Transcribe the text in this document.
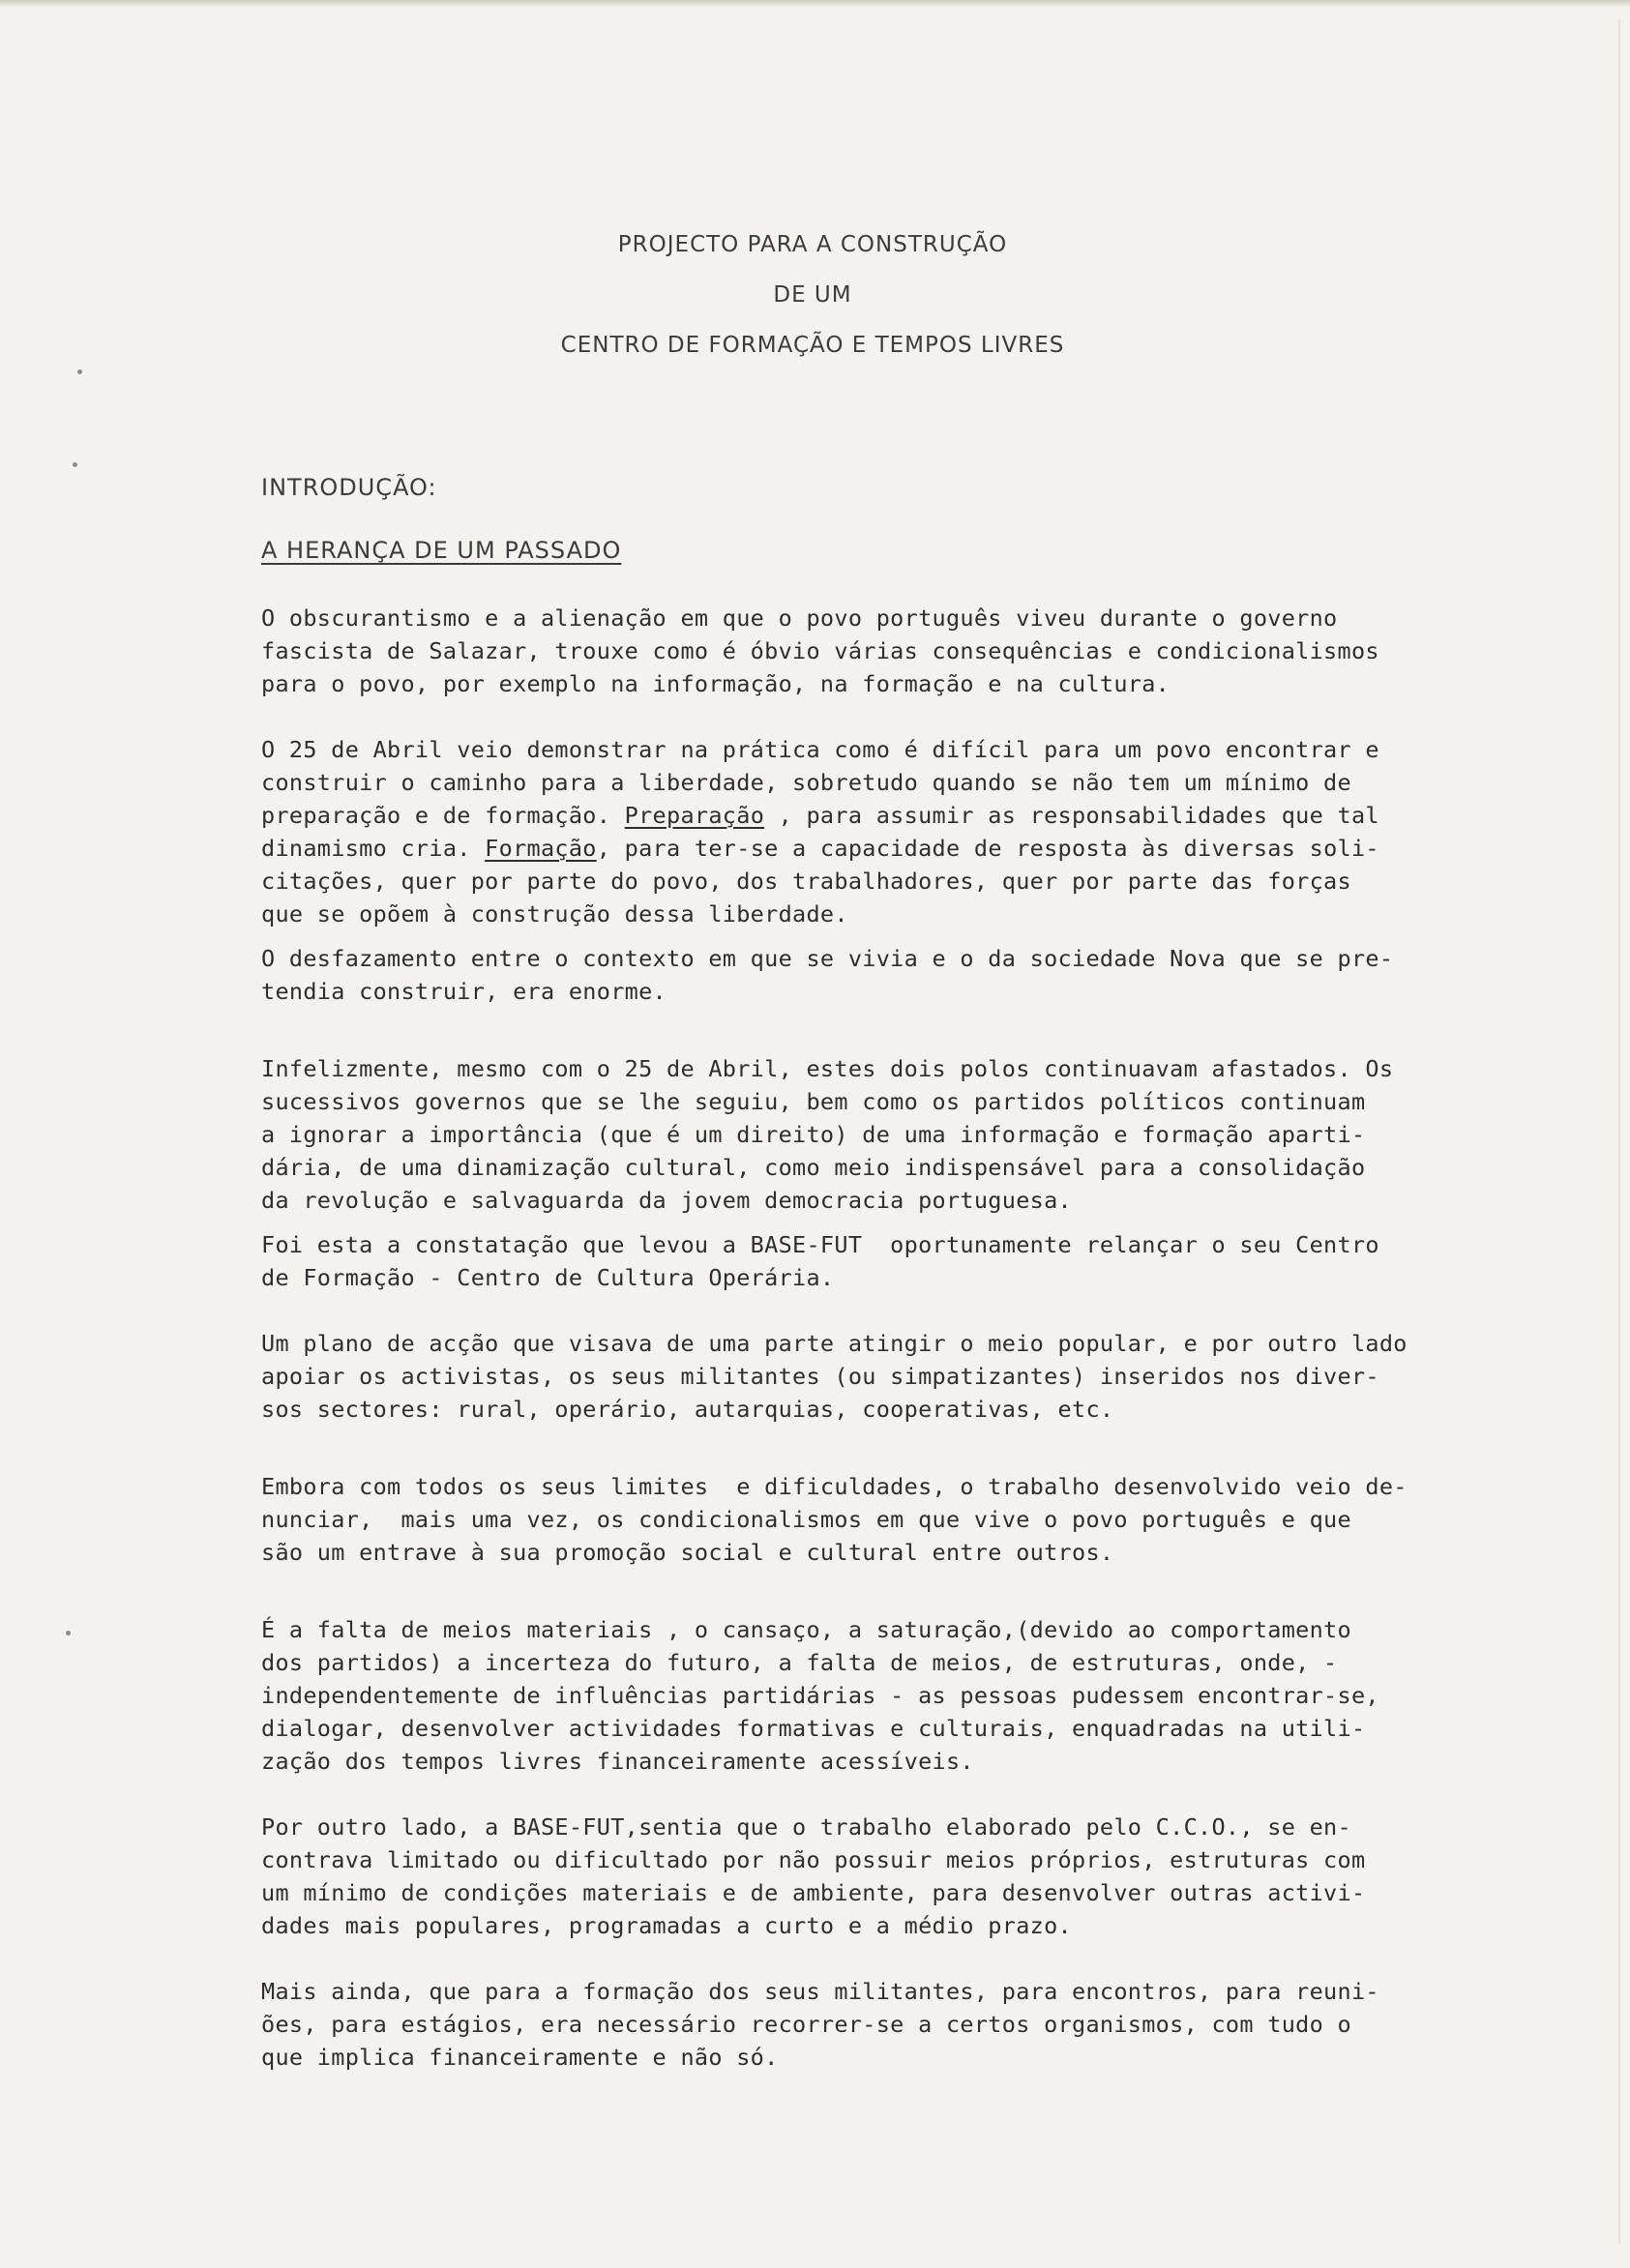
PROJECTO PARA A CONSTRUÇÃO
DE UM
CENTRO DE FORMAÇÃO E TEMPOS LIVRES
INTRODUÇÃO:
A HERANÇA DE UM PASSADO

O obscurantismo e a alienação em que o povo português viveu durante o governo

fascista de Salazar, trouxe como é óbvio várias consequências e condicionalismos

para o povo, por exemplo na informação, na formação e na cultura.

O 25 de Abril veio demonstrar na prática como é difícil para um povo encontrar e

construir o caminho para a liberdade, sobretudo quando se não tem um mínimo de

preparação e de formação. Preparação , para assumir as responsabilidades que tal

dinamismo cria. Formação, para ter-se a capacidade de resposta às diversas soli-

citações, quer por parte do povo, dos trabalhadores, quer por parte das forças

que se opõem à construção dessa liberdade.

O desfazamento entre o contexto em que se vivia e o da sociedade Nova que se pre-

tendia construir, era enorme.

Infelizmente, mesmo com o 25 de Abril, estes dois polos continuavam afastados. Os

sucessivos governos que se lhe seguiu, bem como os partidos políticos continuam

a ignorar a importância (que é um direito) de uma informação e formação aparti-

dária, de uma dinamização cultural, como meio indispensável para a consolidação

da revolução e salvaguarda da jovem democracia portuguesa.

Foi esta a constatação que levou a BASE-FUT  oportunamente relançar o seu Centro

de Formação - Centro de Cultura Operária.

Um plano de acção que visava de uma parte atingir o meio popular, e por outro lado

apoiar os activistas, os seus militantes (ou simpatizantes) inseridos nos diver-

sos sectores: rural, operário, autarquias, cooperativas, etc.

Embora com todos os seus limites  e dificuldades, o trabalho desenvolvido veio de-

nunciar,  mais uma vez, os condicionalismos em que vive o povo português e que

são um entrave à sua promoção social e cultural entre outros.

É a falta de meios materiais , o cansaço, a saturação,(devido ao comportamento

dos partidos) a incerteza do futuro, a falta de meios, de estruturas, onde, -

independentemente de influências partidárias - as pessoas pudessem encontrar-se,

dialogar, desenvolver actividades formativas e culturais, enquadradas na utili-

zação dos tempos livres financeiramente acessíveis.

Por outro lado, a BASE-FUT,sentia que o trabalho elaborado pelo C.C.O., se en-

contrava limitado ou dificultado por não possuir meios próprios, estruturas com

um mínimo de condições materiais e de ambiente, para desenvolver outras activi-

dades mais populares, programadas a curto e a médio prazo.

Mais ainda, que para a formação dos seus militantes, para encontros, para reuni-

ões, para estágios, era necessário recorrer-se a certos organismos, com tudo o

que implica financeiramente e não só.
